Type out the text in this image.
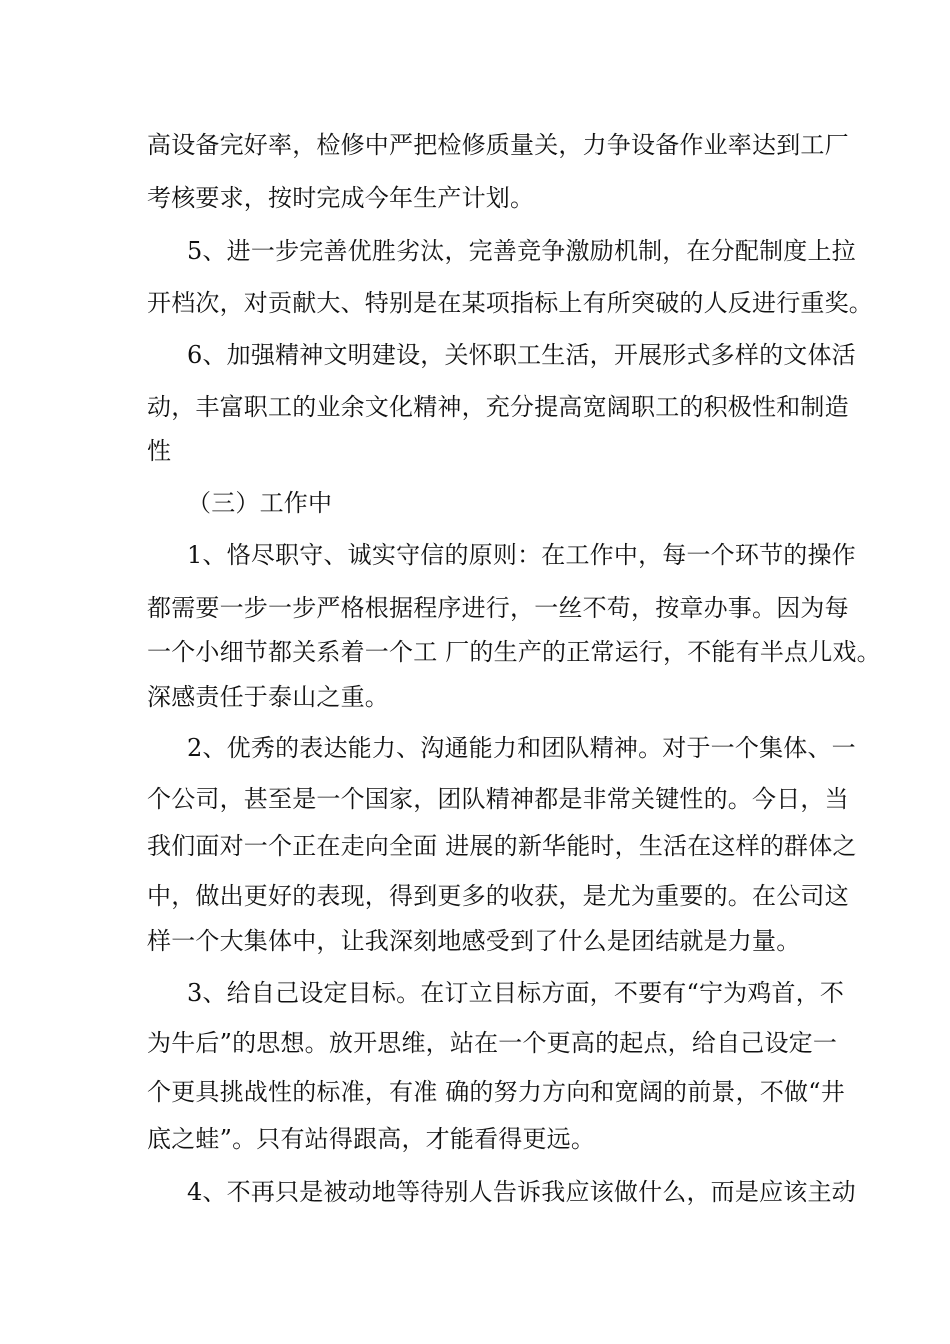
高设备完好率，检修中严把检修质量关，力争设备作业率达到工厂
考核要求，按时完成今年生产计划。
5、进一步完善优胜劣汰，完善竞争激励机制，在分配制度上拉
开档次，对贡献大、特别是在某项指标上有所突破的人反进行重奖。
6、加强精神文明建设，关怀职工生活，开展形式多样的文体活
动，丰富职工的业余文化精神，充分提高宽阔职工的积极性和制造
性
（三）工作中
1、恪尽职守、诚实守信的原则：在工作中，每一个环节的操作
都需要一步一步严格根据程序进行，一丝不苟，按章办事。因为每
一个小细节都关系着一个工 厂的生产的正常运行，不能有半点儿戏。
深感责任于泰山之重。
2、优秀的表达能力、沟通能力和团队精神。对于一个集体、一
个公司，甚至是一个国家，团队精神都是非常关键性的。今日，当
我们面对一个正在走向全面 进展的新华能时，生活在这样的群体之
中，做出更好的表现，得到更多的收获，是尤为重要的。在公司这
样一个大集体中，让我深刻地感受到了什么是团结就是力量。
3、给自己设定目标。在订立目标方面，不要有“宁为鸡首，不
为牛后”的思想。放开思维，站在一个更高的起点，给自己设定一
个更具挑战性的标准，有准 确的努力方向和宽阔的前景，不做“井
底之蛙”。只有站得跟高，才能看得更远。
4、不再只是被动地等待别人告诉我应该做什么，而是应该主动
